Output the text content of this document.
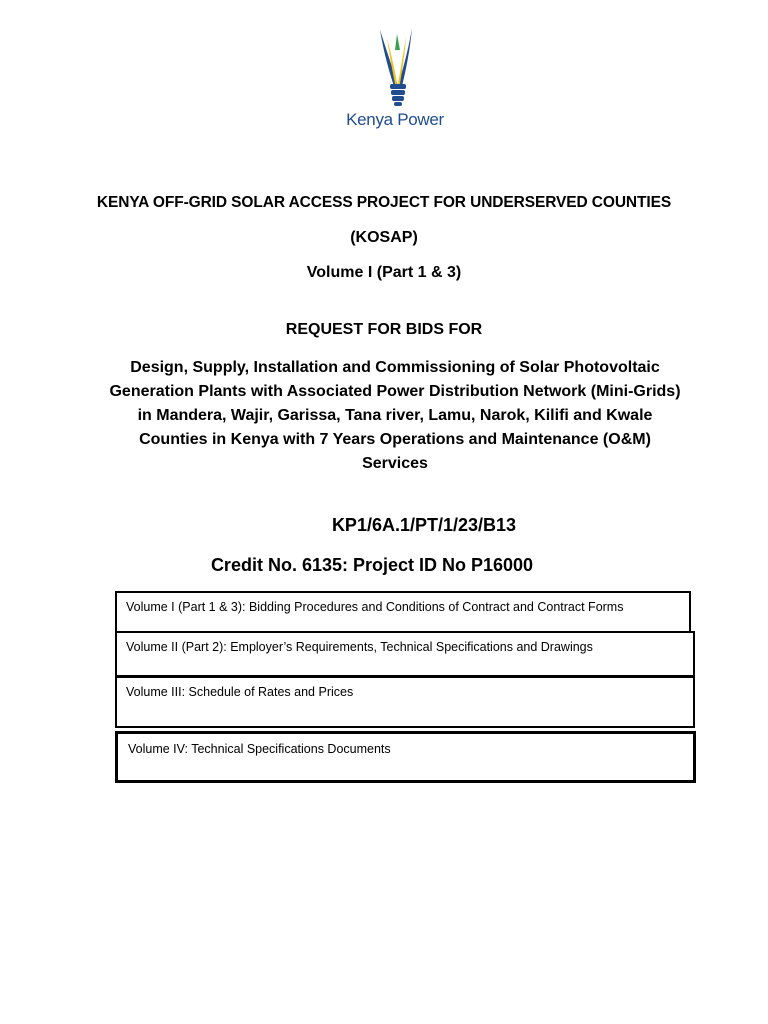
Kenya Power
KENYA OFF-GRID SOLAR ACCESS PROJECT FOR UNDERSERVED COUNTIES
(KOSAP)
Volume I (Part 1 & 3)
REQUEST FOR BIDS FOR
Design, Supply, Installation and Commissioning of Solar Photovoltaic Generation Plants with Associated Power Distribution Network (Mini-Grids) in Mandera, Wajir, Garissa, Tana river, Lamu, Narok, Kilifi and Kwale Counties in Kenya with 7 Years Operations and Maintenance (O&M) Services
KP1/6A.1/PT/1/23/B13
Credit No. 6135: Project ID No P16000
Volume I (Part 1 & 3): Bidding Procedures and Conditions of Contract and Contract Forms
Volume II (Part 2): Employer’s Requirements, Technical Specifications and Drawings
Volume III: Schedule of Rates and Prices
Volume IV: Technical Specifications Documents
